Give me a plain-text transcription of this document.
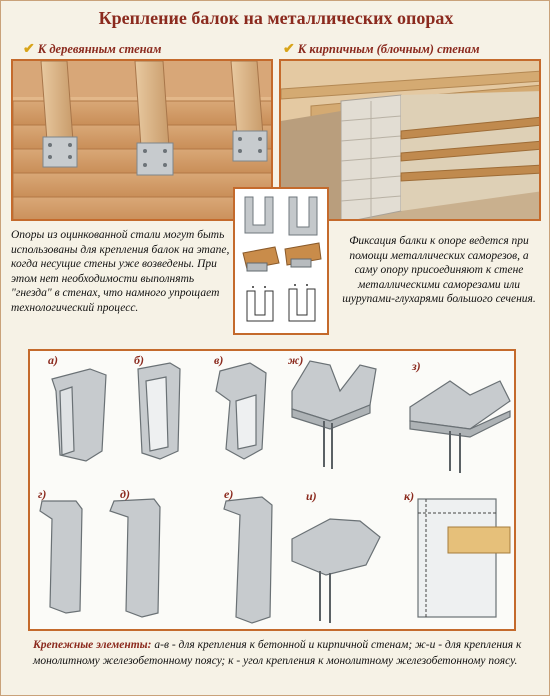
Крепление балок на металлических опорах
✔ К деревянным стенам	✔ К кирпичным (блочным) стенам
Опоры из оцинкованной стали могут быть использованы для крепления балок на этапе, когда несущие стены уже возведены. При этом нет необходимости выполнять "гнезда" в стенах, что намного упрощает технологический процесс.
Фиксация балки к опоре ведется при помощи металлических саморезов, а саму опору присоединяют к стене металлическими саморезами или шурупами-глухарями большого сечения.
а)	б)	в)	ж)	з)
г)	д)	е)	и)	к)
Крепежные элементы: а-в - для крепления к бетонной и кирпичной стенам; ж-и - для крепления к монолитному железобетонному поясу; к - угол крепления к монолитному железобетонному поясу.
